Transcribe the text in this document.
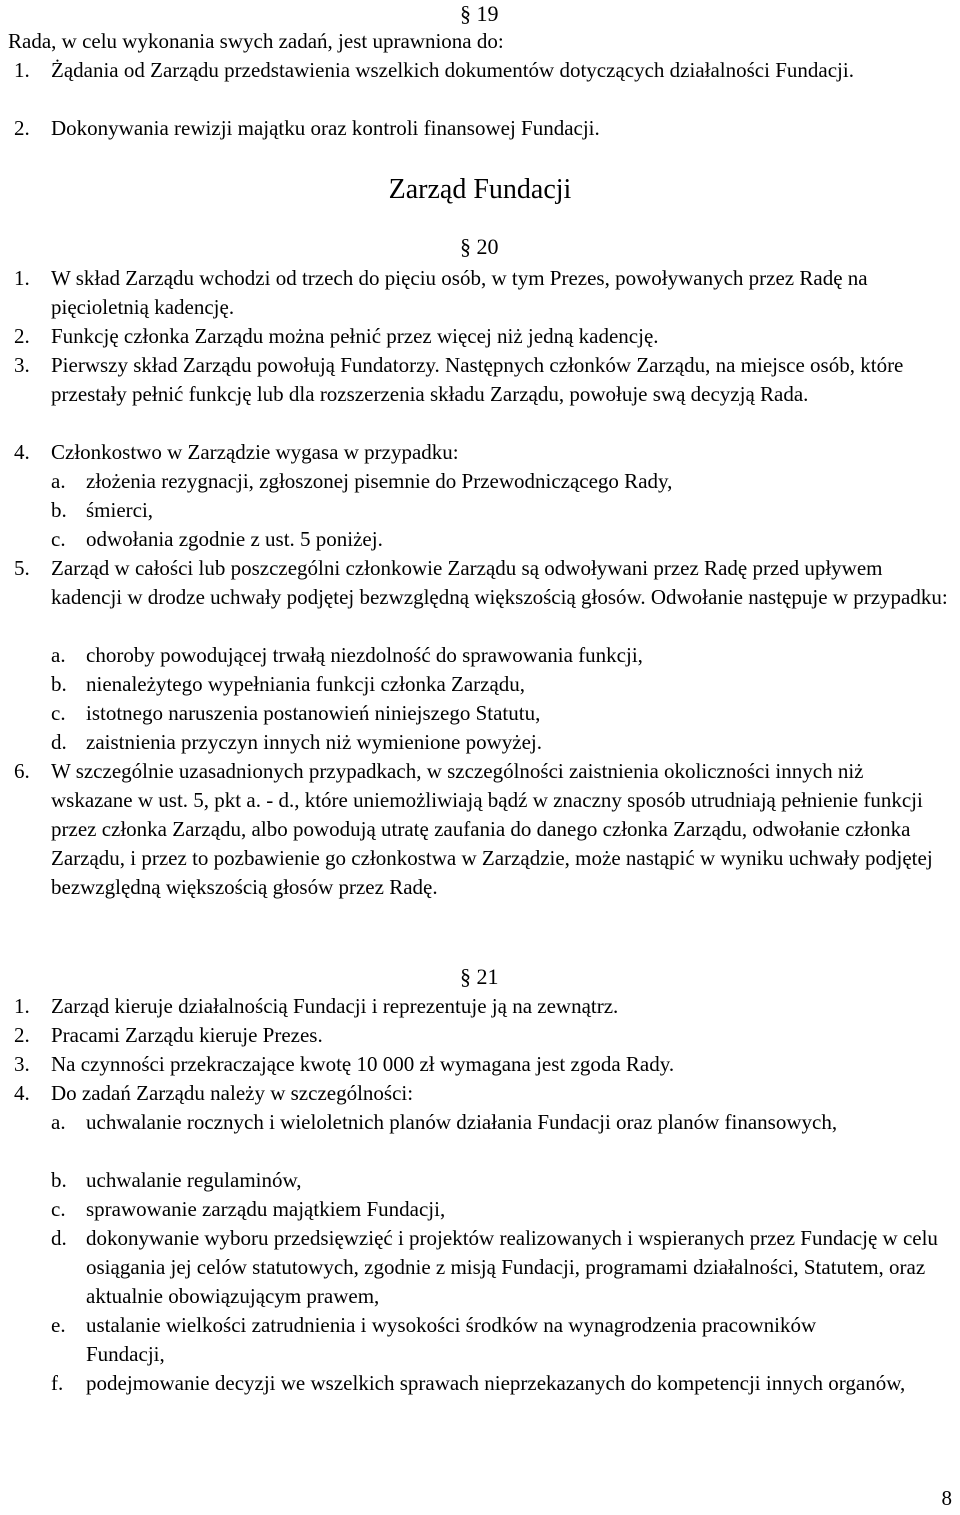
§ 19

Rada, w celu wykonania swych zadań, jest uprawniona do:

1.	Żądania od Zarządu przedstawienia wszelkich dokumentów dotyczących działalności Fundacji.
2.	Dokonywania rewizji majątku oraz kontroli finansowej Fundacji.
Zarząd Fundacji
§ 20
1.	W skład Zarządu wchodzi od trzech do pięciu osób, w tym Prezes, powoływanych przez Radę na pięcioletnią kadencję.
2.	Funkcję członka Zarządu można pełnić przez więcej niż jedną kadencję.
3.	Pierwszy skład Zarządu powołują Fundatorzy. Następnych członków Zarządu, na miejsce osób, które przestały pełnić funkcję lub dla rozszerzenia składu Zarządu, powołuje swą decyzją Rada.
4.	Członkostwo w Zarządzie wygasa w przypadku:
a. złożenia rezygnacji, zgłoszonej pisemnie do Przewodniczącego Rady,
b. śmierci,
c. odwołania zgodnie z ust. 5 poniżej.
5.	Zarząd w całości lub poszczególni członkowie Zarządu są odwoływani przez Radę przed upływem kadencji w drodze uchwały podjętej bezwzględną większością głosów. Odwołanie następuje w przypadku:
a. choroby powodującej trwałą niezdolność do sprawowania funkcji,
b. nienależytego wypełniania funkcji członka Zarządu,
c. istotnego naruszenia postanowień niniejszego Statutu,
d. zaistnienia przyczyn innych niż wymienione powyżej.
6.	W szczególnie uzasadnionych przypadkach, w szczególności zaistnienia okoliczności innych niż wskazane w ust. 5, pkt a. - d., które uniemożliwiają bądź w znaczny sposób utrudniają pełnienie funkcji przez członka Zarządu, albo powodują utratę zaufania do danego członka Zarządu, odwołanie członka Zarządu, i przez to pozbawienie go członkostwa w Zarządzie, może nastąpić w wyniku uchwały podjętej bezwzględną większością głosów przez Radę.
§ 21
1.	Zarząd kieruje działalnością Fundacji i reprezentuje ją na zewnątrz.
2.	Pracami Zarządu kieruje Prezes.
3.	Na czynności przekraczające kwotę 10 000 zł wymagana jest zgoda Rady.
4.	Do zadań Zarządu należy w szczególności:
a. uchwalanie rocznych i wieloletnich planów działania Fundacji oraz planów finansowych,
b. uchwalanie regulaminów,
c. sprawowanie zarządu majątkiem Fundacji,
d. dokonywanie wyboru przedsięwzięć i projektów realizowanych i wspieranych przez Fundację w celu osiągania jej celów statutowych, zgodnie z misją Fundacji, programami działalności, Statutem, oraz aktualnie obowiązującym prawem,
e. ustalanie wielkości zatrudnienia i wysokości środków na wynagrodzenia pracowników Fundacji,
f.	podejmowanie decyzji we wszelkich sprawach nieprzekazanych do kompetencji innych organów,
8
